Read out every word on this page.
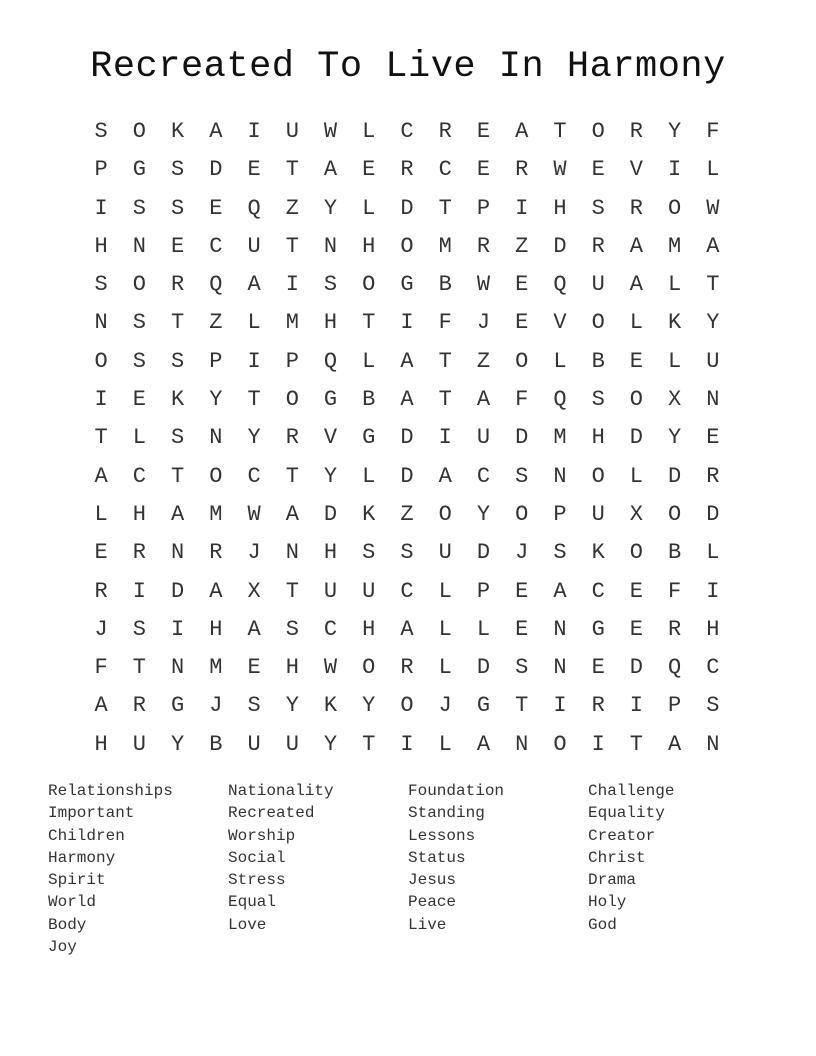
Recreated To Live In Harmony
S	O	K	A	I	U	W	L	C	R	E	A	T	O	R	Y	F
P	G	S	D	E	T	A	E	R	C	E	R	W	E	V	I	L
I	S	S	E	Q	Z	Y	L	D	T	P	I	H	S	R	O	W
H	N	E	C	U	T	N	H	O	M	R	Z	D	R	A	M	A
S	O	R	Q	A	I	S	O	G	B	W	E	Q	U	A	L	T
N	S	T	Z	L	M	H	T	I	F	J	E	V	O	L	K	Y
O	S	S	P	I	P	Q	L	A	T	Z	O	L	B	E	L	U
I	E	K	Y	T	O	G	B	A	T	A	F	Q	S	O	X	N
T	L	S	N	Y	R	V	G	D	I	U	D	M	H	D	Y	E
A	C	T	O	C	T	Y	L	D	A	C	S	N	O	L	D	R
L	H	A	M	W	A	D	K	Z	O	Y	O	P	U	X	O	D
E	R	N	R	J	N	H	S	S	U	D	J	S	K	O	B	L
R	I	D	A	X	T	U	U	C	L	P	E	A	C	E	F	I
J	S	I	H	A	S	C	H	A	L	L	E	N	G	E	R	H
F	T	N	M	E	H	W	O	R	L	D	S	N	E	D	Q	C
A	R	G	J	S	Y	K	Y	O	J	G	T	I	R	I	P	S
H	U	Y	B	U	U	Y	T	I	L	A	N	O	I	T	A	N
Relationships
Important
Children
Harmony
Spirit
World
Body
Joy
Nationality
Recreated
Worship
Social
Stress
Equal
Love
Foundation
Standing
Lessons
Status
Jesus
Peace
Live
Challenge
Equality
Creator
Christ
Drama
Holy
God
